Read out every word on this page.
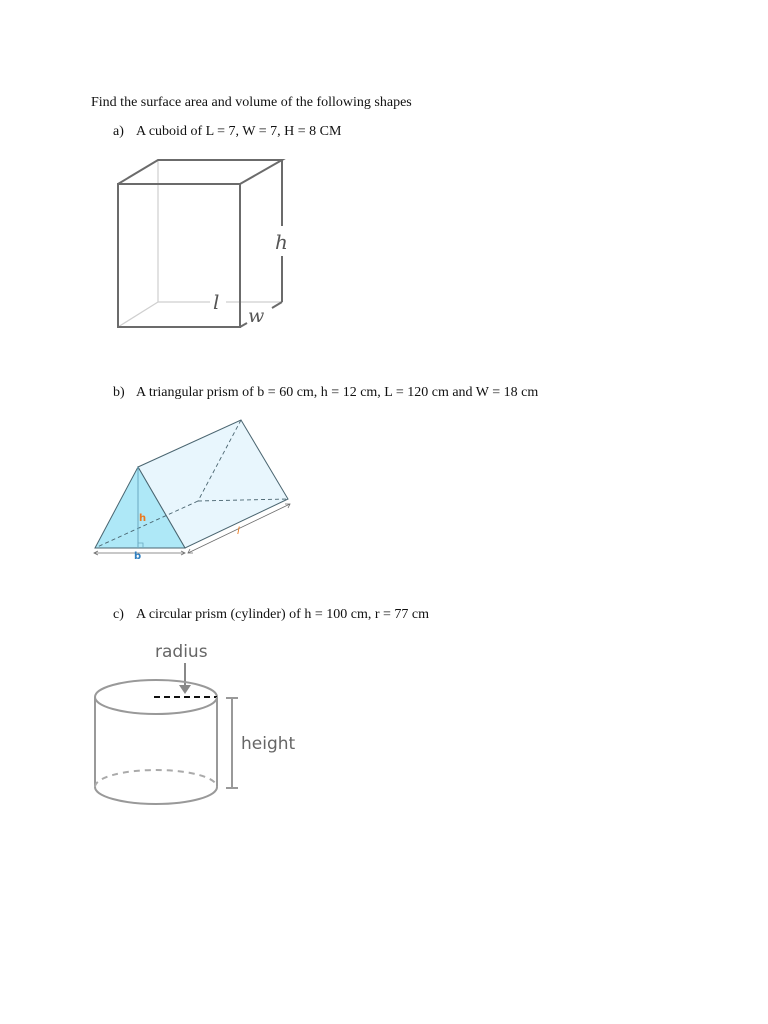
Find the surface area and volume of the following shapes
a) A cuboid of L = 7, W = 7, H = 8 CM
h
l
w
b) A triangular prism of b = 60 cm, h = 12 cm, L = 120 cm and W = 18 cm
h
b
l
c) A circular prism (cylinder) of h = 100 cm, r = 77 cm
radius
height
